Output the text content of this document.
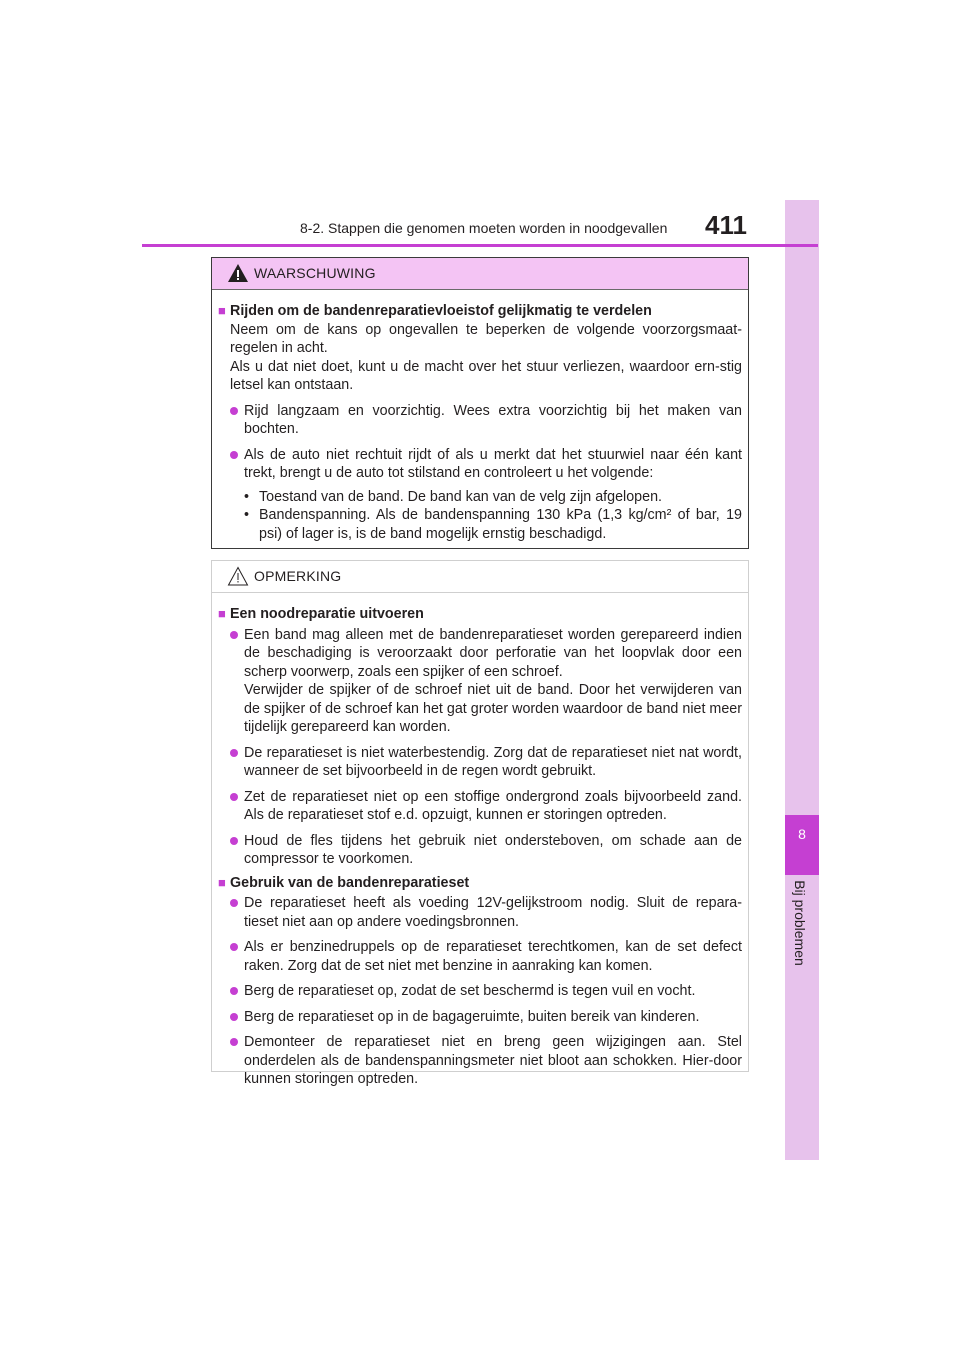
8
Bij problemen
8-2. Stappen die genomen moeten worden in noodgevallen 411
WAARSCHUWING
■ Rijden om de bandenreparatievloeistof gelijkmatig te verdelen
Neem om de kans op ongevallen te beperken de volgende voorzorgsmaat-regelen in acht.
Als u dat niet doet, kunt u de macht over het stuur verliezen, waardoor ern-stig letsel kan ontstaan.
Rijd langzaam en voorzichtig. Wees extra voorzichtig bij het maken van bochten.
Als de auto niet rechtuit rijdt of als u merkt dat het stuurwiel naar één kant trekt, brengt u de auto tot stilstand en controleert u het volgende:
• Toestand van de band. De band kan van de velg zijn afgelopen.
• Bandenspanning. Als de bandenspanning 130 kPa (1,3 kg/cm² of bar, 19 psi) of lager is, is de band mogelijk ernstig beschadigd.
OPMERKING
■ Een noodreparatie uitvoeren
Een band mag alleen met de bandenreparatieset worden gerepareerd indien de beschadiging is veroorzaakt door perforatie van het loopvlak door een scherp voorwerp, zoals een spijker of een schroef.
Verwijder de spijker of de schroef niet uit de band. Door het verwijderen van de spijker of de schroef kan het gat groter worden waardoor de band niet meer tijdelijk gerepareerd kan worden.
De reparatieset is niet waterbestendig. Zorg dat de reparatieset niet nat wordt, wanneer de set bijvoorbeeld in de regen wordt gebruikt.
Zet de reparatieset niet op een stoffige ondergrond zoals bijvoorbeeld zand. Als de reparatieset stof e.d. opzuigt, kunnen er storingen optreden.
Houd de fles tijdens het gebruik niet ondersteboven, om schade aan de compressor te voorkomen.
■ Gebruik van de bandenreparatieset
De reparatieset heeft als voeding 12V-gelijkstroom nodig. Sluit de repara-tieset niet aan op andere voedingsbronnen.
Als er benzinedruppels op de reparatieset terechtkomen, kan de set defect raken. Zorg dat de set niet met benzine in aanraking kan komen.
Berg de reparatieset op, zodat de set beschermd is tegen vuil en vocht.
Berg de reparatieset op in de bagageruimte, buiten bereik van kinderen.
Demonteer de reparatieset niet en breng geen wijzigingen aan. Stel onderdelen als de bandenspanningsmeter niet bloot aan schokken. Hier-door kunnen storingen optreden.
